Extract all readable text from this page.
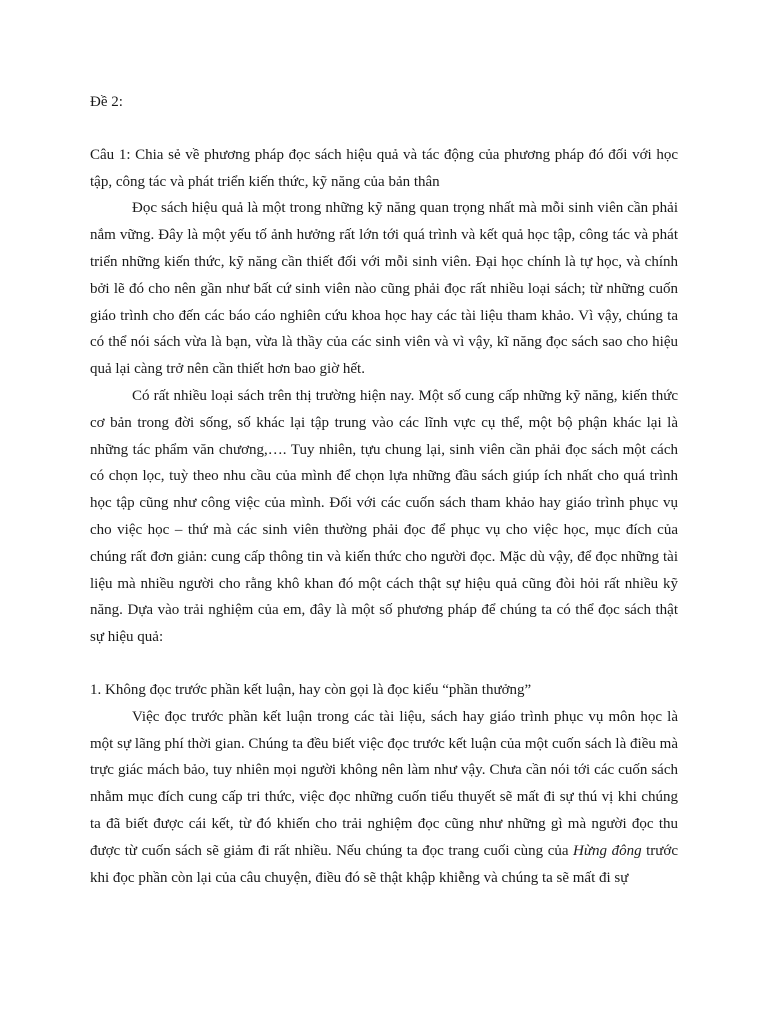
Đề 2:

Câu 1: Chia sẻ về phương pháp đọc sách hiệu quả và tác động của phương pháp đó đối với học tập, công tác và phát triển kiến thức, kỹ năng của bản thân

Đọc sách hiệu quả là một trong những kỹ năng quan trọng nhất mà mỗi sinh viên cần phải nắm vững. Đây là một yếu tố ảnh hưởng rất lớn tới quá trình và kết quả học tập, công tác và phát triển những kiến thức, kỹ năng cần thiết đối với mỗi sinh viên. Đại học chính là tự học, và chính bởi lẽ đó cho nên gần như bất cứ sinh viên nào cũng phải đọc rất nhiều loại sách; từ những cuốn giáo trình cho đến các báo cáo nghiên cứu khoa học hay các tài liệu tham khảo. Vì vậy, chúng ta có thể nói sách vừa là bạn, vừa là thầy của các sinh viên và vì vậy, kĩ năng đọc sách sao cho hiệu quả lại càng trở nên cần thiết hơn bao giờ hết.

Có rất nhiều loại sách trên thị trường hiện nay. Một số cung cấp những kỹ năng, kiến thức cơ bản trong đời sống, số khác lại tập trung vào các lĩnh vực cụ thể, một bộ phận khác lại là những tác phẩm văn chương,…. Tuy nhiên, tựu chung lại, sinh viên cần phải đọc sách một cách có chọn lọc, tuỳ theo nhu cầu của mình để chọn lựa những đầu sách giúp ích nhất cho quá trình học tập cũng như công việc của mình. Đối với các cuốn sách tham khảo hay giáo trình phục vụ cho việc học – thứ mà các sinh viên thường phải đọc để phục vụ cho việc học, mục đích của chúng rất đơn giản: cung cấp thông tin và kiến thức cho người đọc. Mặc dù vậy, để đọc những tài liệu mà nhiều người cho rằng khô khan đó một cách thật sự hiệu quả cũng đòi hỏi rất nhiều kỹ năng. Dựa vào trải nghiệm của em, đây là một số phương pháp để chúng ta có thể đọc sách thật sự hiệu quả:

1. Không đọc trước phần kết luận, hay còn gọi là đọc kiểu “phần thưởng”

Việc đọc trước phần kết luận trong các tài liệu, sách hay giáo trình phục vụ môn học là một sự lãng phí thời gian. Chúng ta đều biết việc đọc trước kết luận của một cuốn sách là điều mà trực giác mách bảo, tuy nhiên mọi người không nên làm như vậy. Chưa cần nói tới các cuốn sách nhằm mục đích cung cấp tri thức, việc đọc những cuốn tiểu thuyết sẽ mất đi sự thú vị khi chúng ta đã biết được cái kết, từ đó khiến cho trải nghiệm đọc cũng như những gì mà người đọc thu được từ cuốn sách sẽ giảm đi rất nhiều. Nếu chúng ta đọc trang cuối cùng của Hừng đông trước khi đọc phần còn lại của câu chuyện, điều đó sẽ thật khập khiễng và chúng ta sẽ mất đi sự
